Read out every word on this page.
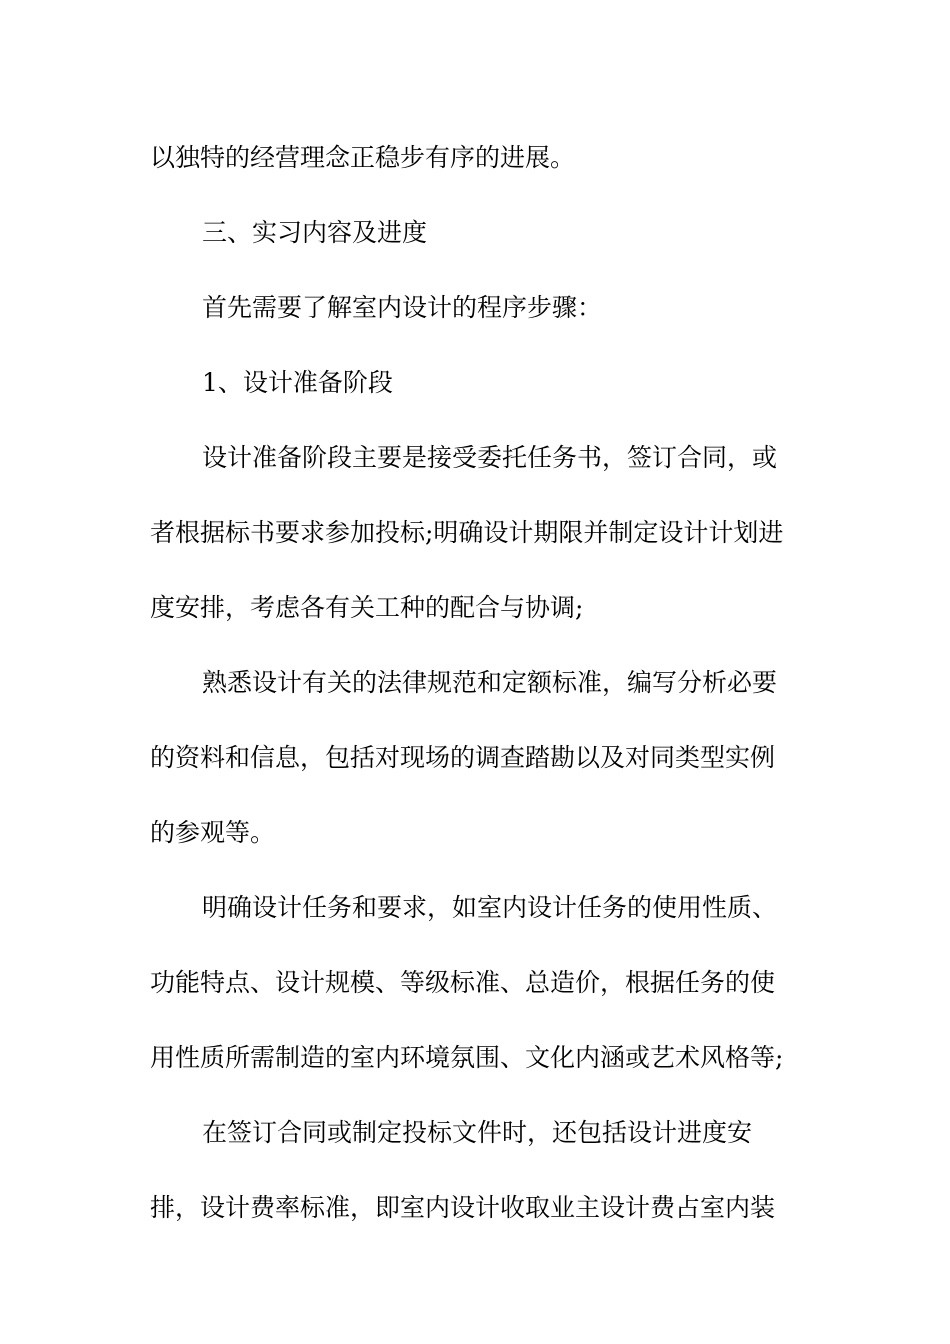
以独特的经营理念正稳步有序的进展。
三、实习内容及进度
首先需要了解室内设计的程序步骤：
1、设计准备阶段
设计准备阶段主要是接受委托任务书，签订合同，或
者根据标书要求参加投标;明确设计期限并制定设计计划进
度安排，考虑各有关工种的配合与协调;
熟悉设计有关的法律规范和定额标准，编写分析必要
的资料和信息，包括对现场的调查踏勘以及对同类型实例
的参观等。
明确设计任务和要求，如室内设计任务的使用性质、
功能特点、设计规模、等级标准、总造价，根据任务的使
用性质所需制造的室内环境氛围、文化内涵或艺术风格等;
在签订合同或制定投标文件时，还包括设计进度安
排，设计费率标准，即室内设计收取业主设计费占室内装
